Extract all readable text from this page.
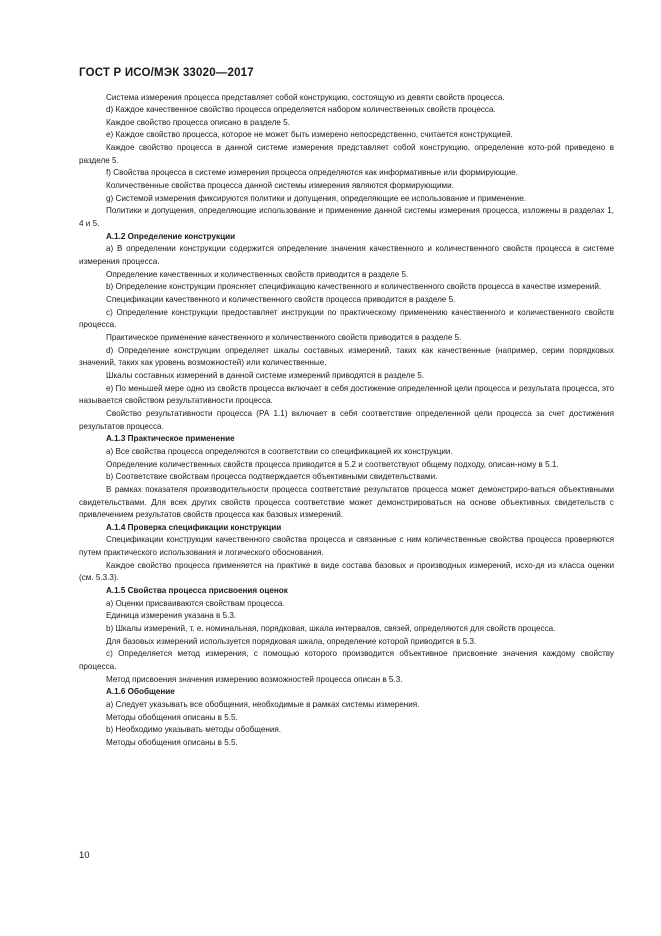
ГОСТ Р ИСО/МЭК 33020—2017

Система измерения процесса представляет собой конструкцию, состоящую из девяти свойств процесса.

d) Каждое качественное свойство процесса определяется набором количественных свойств процесса.

Каждое свойство процесса описано в разделе 5.

e) Каждое свойство процесса, которое не может быть измерено непосредственно, считается конструкцией.

Каждое свойство процесса в данной системе измерения представляет собой конструкцию, определение кото-рой приведено в разделе 5.

f) Свойства процесса в системе измерения процесса определяются как информативные или формирующие.

Количественные свойства процесса данной системы измерения являются формирующими.

g) Системой измерения фиксируются политики и допущения, определяющие ее использование и применение.

Политики и допущения, определяющие использование и применение данной системы измерения процесса, изложены в разделах 1, 4 и 5.

А.1.2 Определение конструкции

а) В определении конструкции содержится определение значения качественного и количественного свойств процесса в системе измерения процесса.

Определение качественных и количественных свойств приводится в разделе 5.

b) Определение конструкции проясняет спецификацию качественного и количественного свойств процесса в качестве измерений.

Спецификации качественного и количественного свойств процесса приводится в разделе 5.

с) Определение конструкции предоставляет инструкции по практическому применению качественного и количественного свойств процесса.

Практическое применение качественного и количественного свойств приводится в разделе 5.

d) Определение конструкции определяет шкалы составных измерений, таких как качественные (например, серии порядковых значений, таких как уровень возможностей) или количественные.

Шкалы составных измерений в данной системе измерений приводятся в разделе 5.

е) По меньшей мере одно из свойств процесса включает в себя достижение определенной цели процесса и результата процесса, это называется свойством результативности процесса.

Свойство результативности процесса (РА 1.1) включает в себя соответствие определенной цели процесса за счет достижения результатов процесса.

А.1.3 Практическое применение

а) Все свойства процесса определяются в соответствии со спецификацией их конструкции.

Определение количественных свойств процесса приводится в 5.2 и соответствуют общему подходу, описан-ному в 5.1.

b) Соответствие свойствам процесса подтверждается объективными свидетельствами.

В рамках показателя производительности процесса соответствие результатов процесса может демонстриро-ваться объективными свидетельствами. Для всех других свойств процесса соответствие может демонстрироваться на основе объективных свидетельств с привлечением результатов свойств процесса как базовых измерений.

А.1.4 Проверка спецификации конструкции

Спецификации конструкции качественного свойства процесса и связанные с ним количественные свойства процесса проверяются путем практического использования и логического обоснования.

Каждое свойство процесса применяется на практике в виде состава базовых и производных измерений, исхо-дя из класса оценки (см. 5.3.3).

А.1.5 Свойства процесса присвоения оценок

а) Оценки присваиваются свойствам процесса.

Единица измерения указана в 5.3.

b) Шкалы измерений, т. е. номинальная, порядковая, шкала интервалов, связей, определяются для свойств процесса.

Для базовых измерений используется порядковая шкала, определение которой приводится в 5.3.

с) Определяется метод измерения, с помощью которого производится объективное присвоение значения каждому свойству процесса.

Метод присвоения значения измерению возможностей процесса описан в 5.3.

А.1.6 Обобщение

а) Следует указывать все обобщения, необходимые в рамках системы измерения.

Методы обобщения описаны в 5.5.

b) Необходимо указывать методы обобщения.

Методы обобщения описаны в 5.5.

10
